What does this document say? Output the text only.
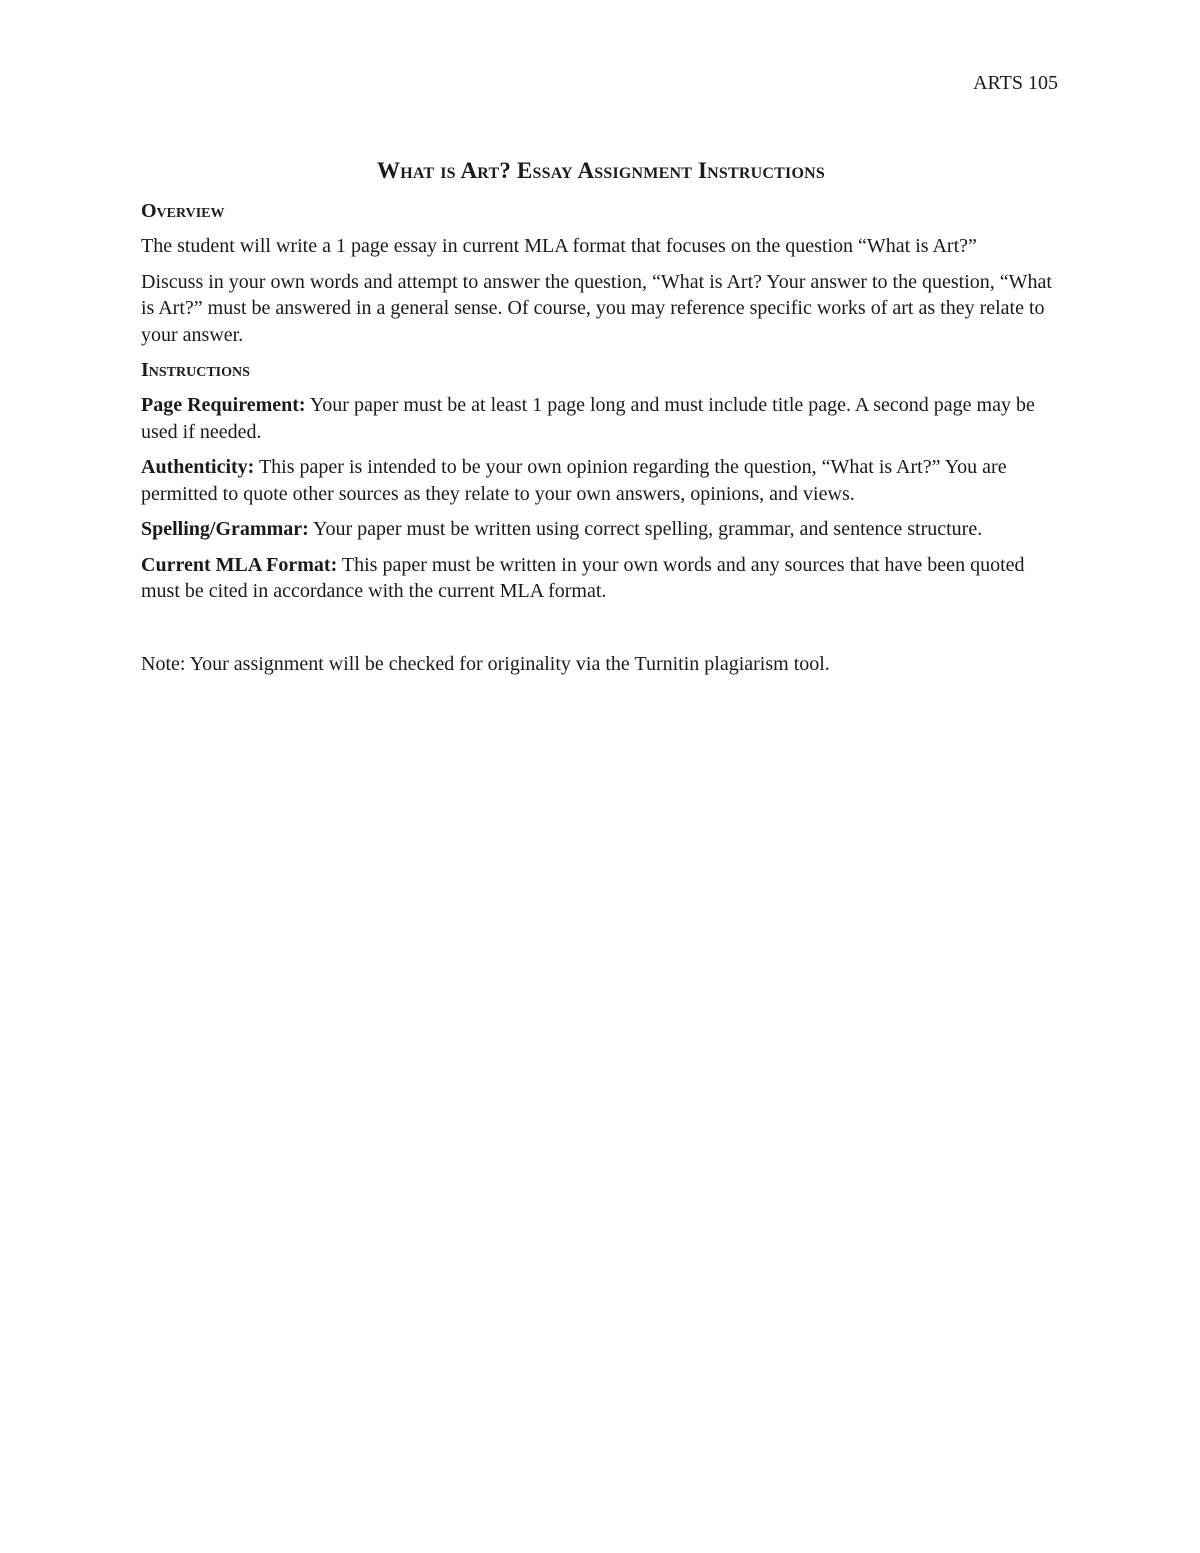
ARTS 105
What is Art? Essay Assignment Instructions
Overview

The student will write a 1 page essay in current MLA format that focuses on the question “What is Art?”

Discuss in your own words and attempt to answer the question, “What is Art? Your answer to the question, “What is Art?” must be answered in a general sense. Of course, you may reference specific works of art as they relate to your answer.

Instructions

Page Requirement: Your paper must be at least 1 page long and must include title page. A second page may be used if needed.

Authenticity: This paper is intended to be your own opinion regarding the question, “What is Art?” You are permitted to quote other sources as they relate to your own answers, opinions, and views.

Spelling/Grammar: Your paper must be written using correct spelling, grammar, and sentence structure.

Current MLA Format: This paper must be written in your own words and any sources that have been quoted must be cited in accordance with the current MLA format.

Note: Your assignment will be checked for originality via the Turnitin plagiarism tool.
